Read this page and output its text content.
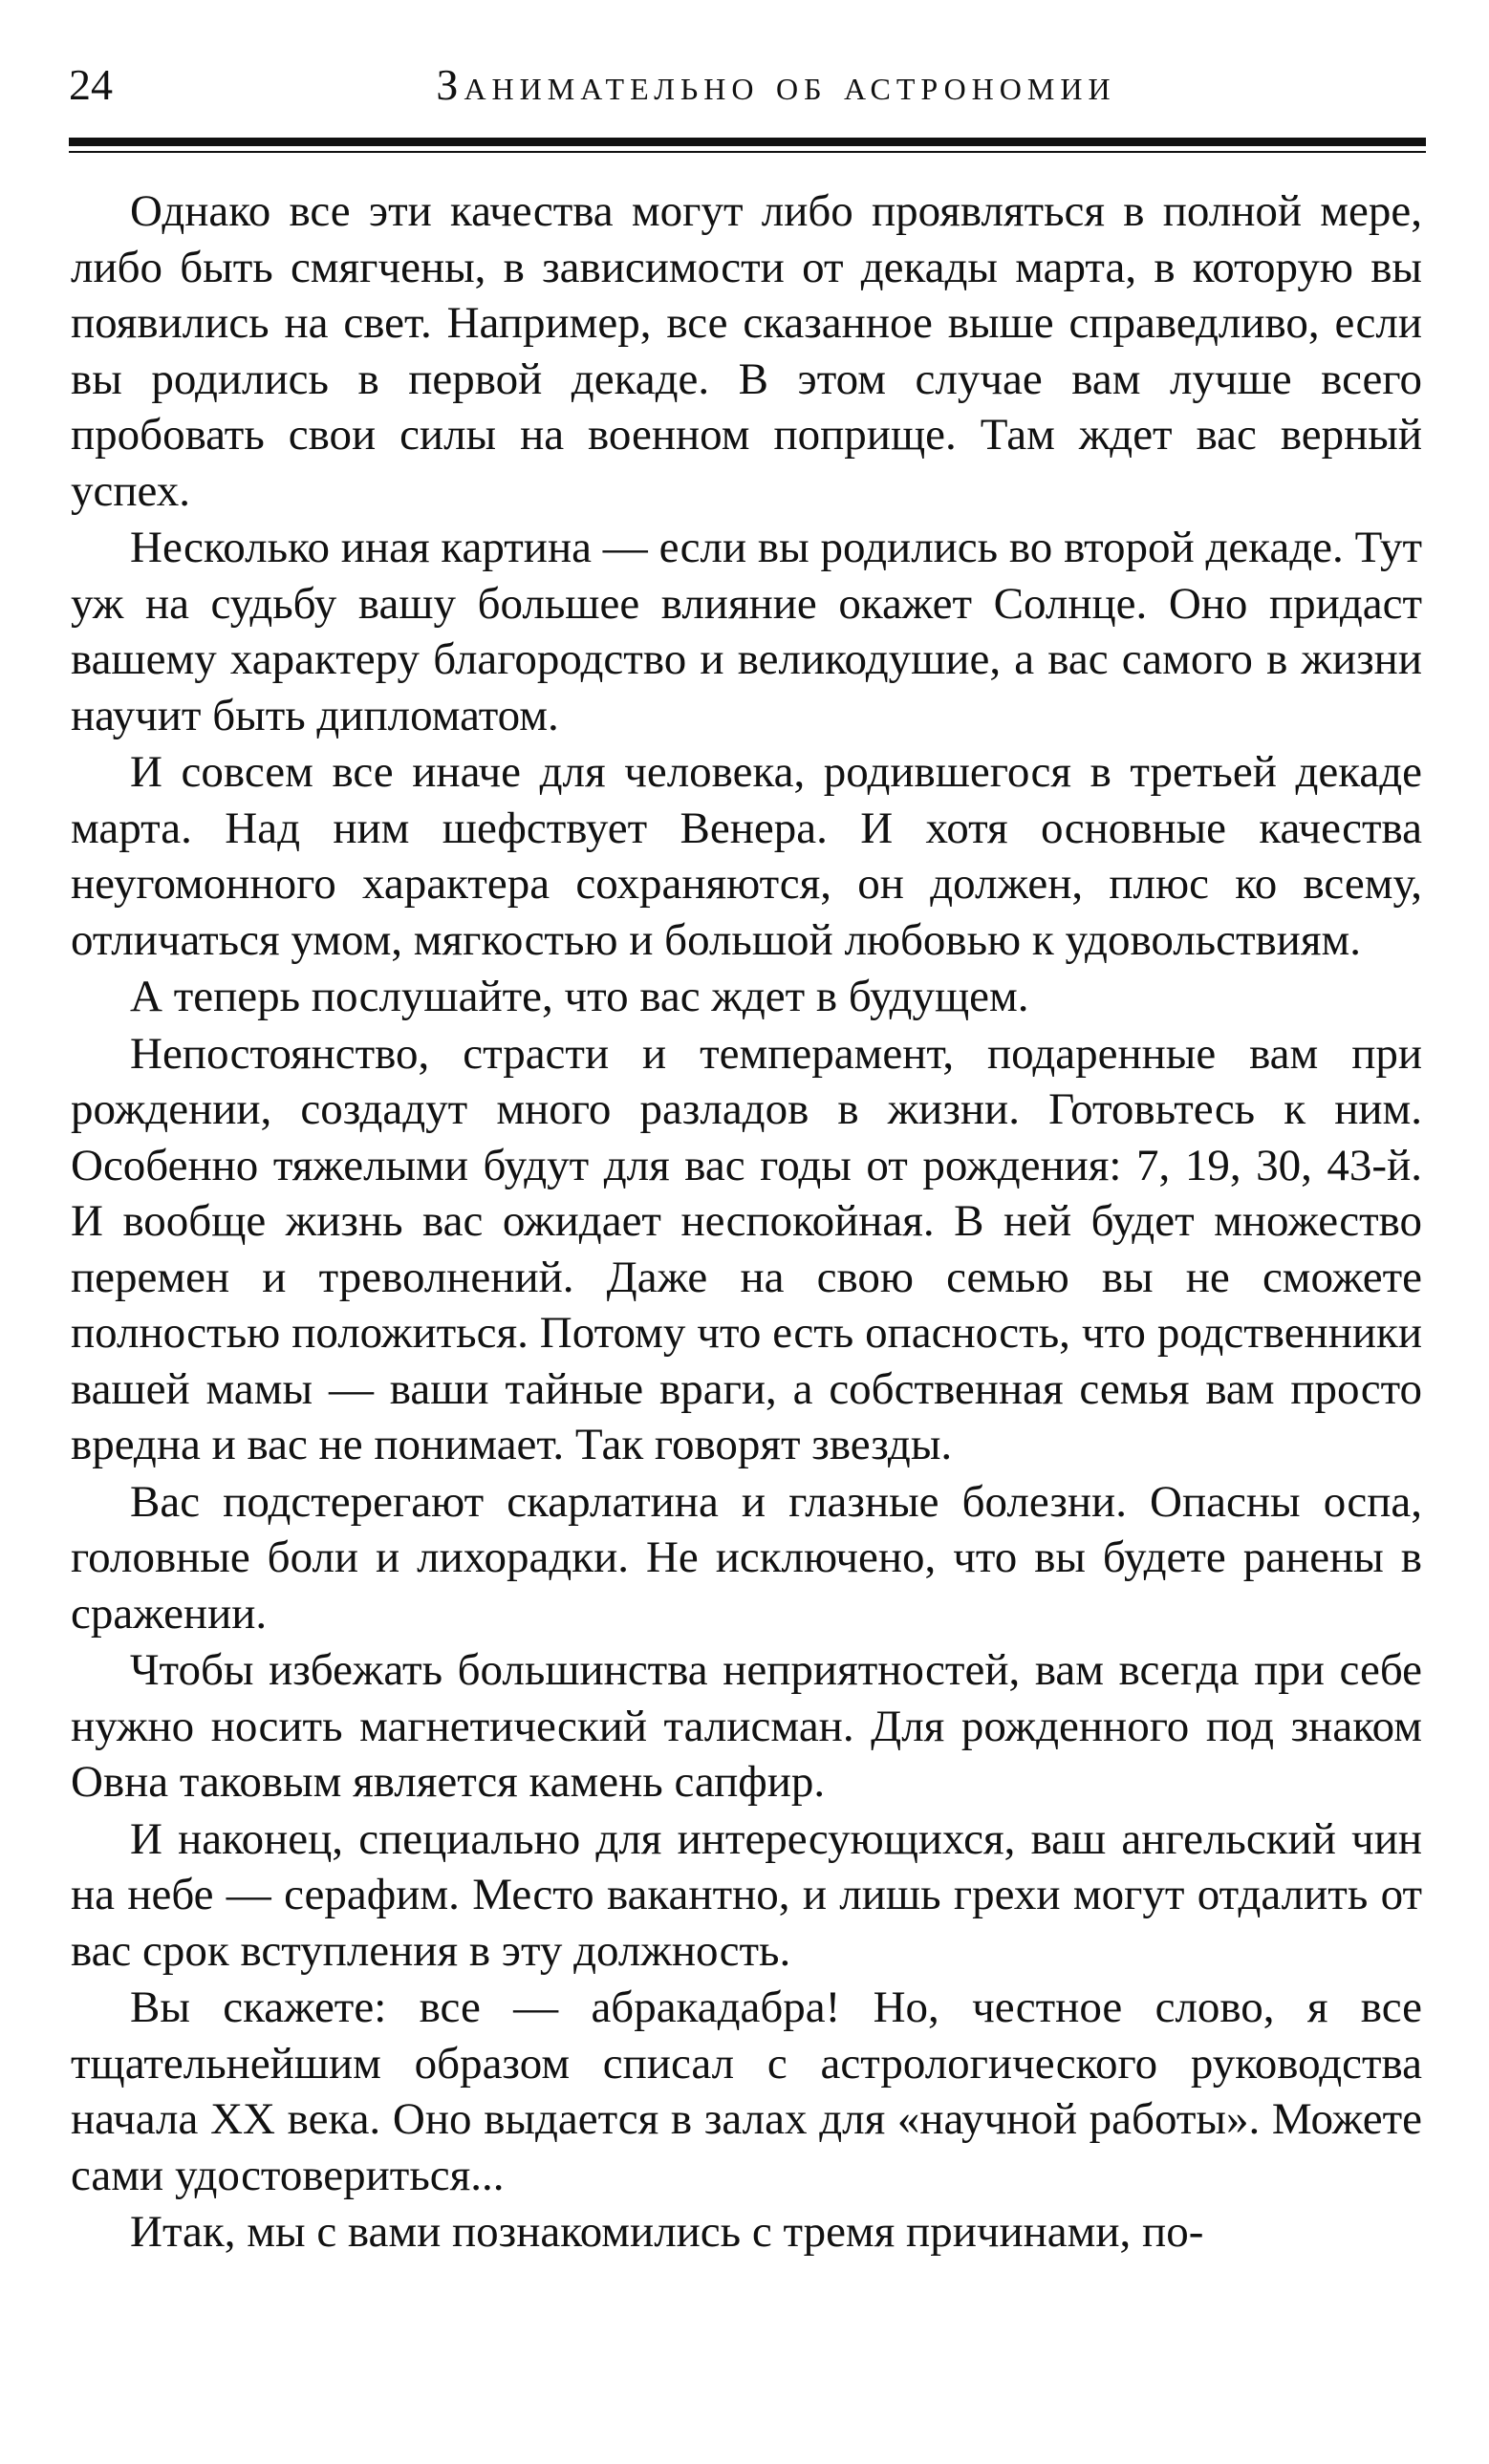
24	Занимательно об астрономии

Однако все эти качества могут либо проявляться в полной мере, либо быть смягчены, в зависимости от декады марта, в которую вы появились на свет. Например, все сказанное выше справедливо, если вы родились в первой декаде. В этом случае вам лучше всего пробовать свои силы на военном поприще. Там ждет вас верный успех.

Несколько иная картина — если вы родились во второй декаде. Тут уж на судьбу вашу большее влияние окажет Солнце. Оно придаст вашему характеру благородство и великодушие, а вас самого в жизни научит быть дипломатом.

И совсем все иначе для человека, родившегося в третьей декаде марта. Над ним шефствует Венера. И хотя основные качества неугомонного характера сохраняются, он должен, плюс ко всему, отличаться умом, мягкостью и большой любовью к удовольствиям.

А теперь послушайте, что вас ждет в будущем.

Непостоянство, страсти и темперамент, подаренные вам при рождении, создадут много разладов в жизни. Готовьтесь к ним. Особенно тяжелыми будут для вас годы от рождения: 7, 19, 30, 43-й. И вообще жизнь вас ожидает неспокойная. В ней будет множество перемен и треволнений. Даже на свою семью вы не сможете полностью положиться. Потому что есть опасность, что родственники вашей мамы — ваши тайные враги, а собственная семья вам просто вредна и вас не понимает. Так говорят звезды.

Вас подстерегают скарлатина и глазные болезни. Опасны оспа, головные боли и лихорадки. Не исключено, что вы будете ранены в сражении.

Чтобы избежать большинства неприятностей, вам всегда при себе нужно носить магнетический талисман. Для рожденного под знаком Овна таковым является камень сапфир.

И наконец, специально для интересующихся, ваш ангельский чин на небе — серафим. Место вакантно, и лишь грехи могут отдалить от вас срок вступления в эту должность.

Вы скажете: все — абракадабра! Но, честное слово, я все тщательнейшим образом списал с астрологического руководства начала XX века. Оно выдается в залах для «научной работы». Можете сами удостовериться...

Итак, мы с вами познакомились с тремя причинами, по-
